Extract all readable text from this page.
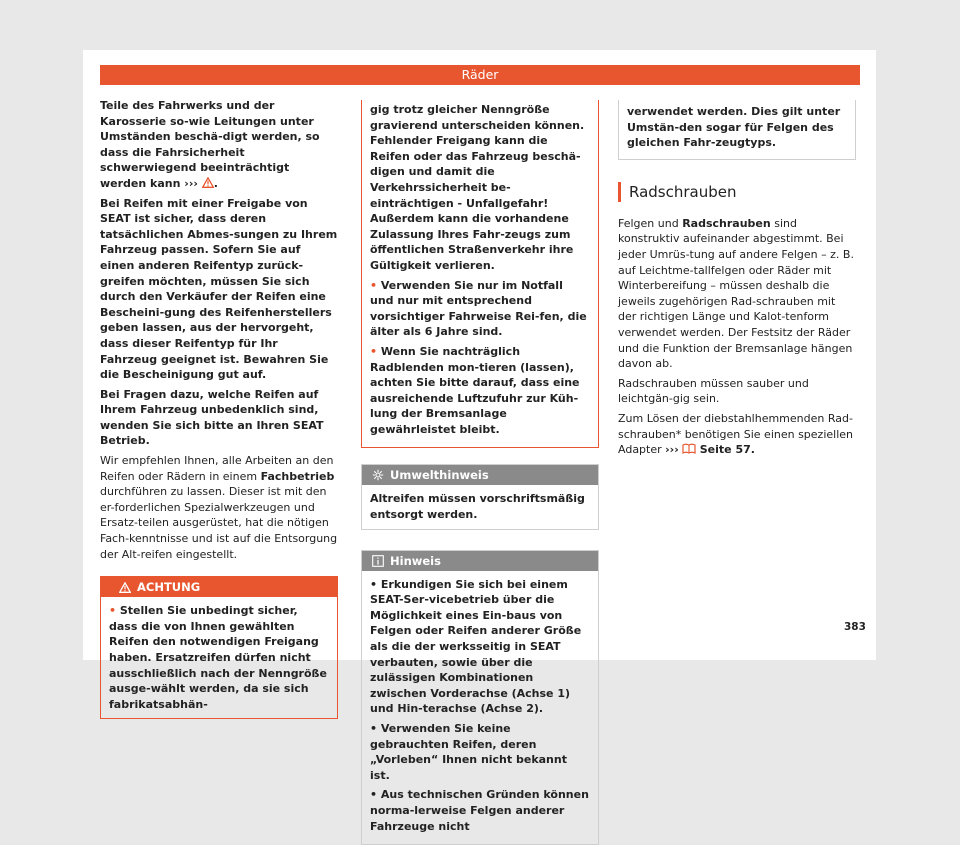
Räder

Teile des Fahrwerks und der Karosserie so-wie Leitungen unter Umständen beschä-digt werden, so dass die Fahrsicherheit schwerwiegend beeinträchtigt werden kann ››› .

Bei Reifen mit einer Freigabe von SEAT ist sicher, dass deren tatsächlichen Abmes-sungen zu Ihrem Fahrzeug passen. Sofern Sie auf einen anderen Reifentyp zurück-greifen möchten, müssen Sie sich durch den Verkäufer der Reifen eine Bescheini-gung des Reifenherstellers geben lassen, aus der hervorgeht, dass dieser Reifentyp für Ihr Fahrzeug geeignet ist. Bewahren Sie die Bescheinigung gut auf.

Bei Fragen dazu, welche Reifen auf Ihrem Fahrzeug unbedenklich sind, wenden Sie sich bitte an Ihren SEAT Betrieb.

Wir empfehlen Ihnen, alle Arbeiten an den Reifen oder Rädern in einem Fachbetrieb durchführen zu lassen. Dieser ist mit den er-forderlichen Spezialwerkzeugen und Ersatz-teilen ausgerüstet, hat die nötigen Fach-kenntnisse und ist auf die Entsorgung der Alt-reifen eingestellt.

ACHTUNG
• Stellen Sie unbedingt sicher, dass die von Ihnen gewählten Reifen den notwendigen Freigang haben. Ersatzreifen dürfen nicht ausschließlich nach der Nenngröße ausge-wählt werden, da sie sich fabrikatsabhän-

gig trotz gleicher Nenngröße gravierend unterscheiden können. Fehlender Freigang kann die Reifen oder das Fahrzeug beschä-digen und damit die Verkehrssicherheit be-einträchtigen - Unfallgefahr! Außerdem kann die vorhandene Zulassung Ihres Fahr-zeugs zum öffentlichen Straßenverkehr ihre Gültigkeit verlieren.

• Verwenden Sie nur im Notfall und nur mit entsprechend vorsichtiger Fahrweise Rei-fen, die älter als 6 Jahre sind.

• Wenn Sie nachträglich Radblenden mon-tieren (lassen), achten Sie bitte darauf, dass eine ausreichende Luftzufuhr zur Küh-lung der Bremsanlage gewährleistet bleibt.

Umwelthinweis
Altreifen müssen vorschriftsmäßig entsorgt werden.
Hinweis

• Erkundigen Sie sich bei einem SEAT-Ser-vicebetrieb über die Möglichkeit eines Ein-baus von Felgen oder Reifen anderer Größe als die der werksseitig in SEAT verbauten, sowie über die zulässigen Kombinationen zwischen Vorderachse (Achse 1) und Hin-terachse (Achse 2).

• Verwenden Sie keine gebrauchten Reifen, deren „Vorleben“ Ihnen nicht bekannt ist.

• Aus technischen Gründen können norma-lerweise Felgen anderer Fahrzeuge nicht

verwendet werden. Dies gilt unter Umstän-den sogar für Felgen des gleichen Fahr-zeugtyps.
Radschrauben

Felgen und Radschrauben sind konstruktiv aufeinander abgestimmt. Bei jeder Umrüs-tung auf andere Felgen – z. B. auf Leichtme-tallfelgen oder Räder mit Winterbereifung – müssen deshalb die jeweils zugehörigen Rad-schrauben mit der richtigen Länge und Kalot-tenform verwendet werden. Der Festsitz der Räder und die Funktion der Bremsanlage hängen davon ab.

Radschrauben müssen sauber und leichtgän-gig sein.

Zum Lösen der diebstahlhemmenden Rad-schrauben* benötigen Sie einen speziellen Adapter ››› Seite 57.

383
